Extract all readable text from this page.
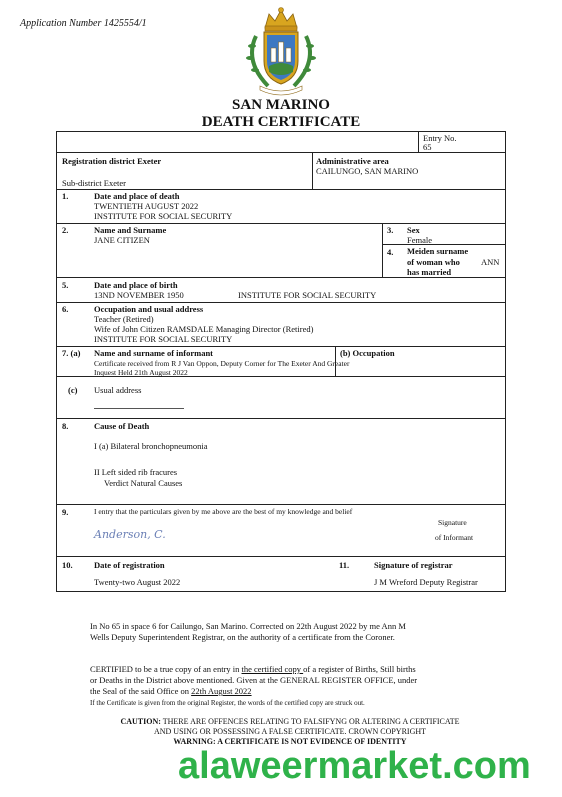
Application Number 1425554/1
SAN MARINO
DEATH CERTIFICATE
Entry No.
65
Registration district Exeter	Administrative area
CAILUNGO, SAN MARINO
Sub-district Exeter
1.	Date and place of death
TWENTIETH AUGUST 2022
INSTITUTE FOR SOCIAL SECURITY
2.	Name and Surname
JANE CITIZEN
3. Sex
Female
4. Meiden surname
of woman who
has married
ANN
5.	Date and place of birth
13ND NOVEMBER 1950	INSTITUTE FOR SOCIAL SECURITY
6.	Occupation and usual address
Teacher (Retired)
Wife of John Citizen RAMSDALE Managing Director (Retired)
INSTITUTE FOR SOCIAL SECURITY
7. (a) Name and surname of informant	(b) Occupation
Certificate received from R J Van Oppon, Deputy Corner for The Exeter And Greater
Inquest Held 21th August 2022
(c) Usual address
8.	Cause of Death
I (a) Bilateral bronchopneumonia
II Left sided rib fracures
Verdict Natural Causes
9.	I entry that the particulars given by me above are the best of my knowledge and belief
Signature
of Informant
Anderson, C.
10.	Date of registration
Twenty-two August 2022
11.	Signature of registrar
J M Wreford Deputy Registrar
In No 65 in space 6 for Cailungo, San Marino. Corrected on 22th August 2022 by me Ann M
Wells Deputy Superintendent Registrar, on the authority of a certificate from the Coroner.
CERTIFIED to be a true copy of an entry in the certified copy of a register of Births, Still births
or Deaths in the District above mentioned. Given at the GENERAL REGISTER OFFICE, under
the Seal of the said Office on 22th August 2022
If the Certificate is given from the original Register, the words of the certified copy are struck out.
CAUTION: THERE ARE OFFENCES RELATING TO FALSIFYNG OR ALTERING A CERTIFICATE
AND USING OR POSSESSING A FALSE CERTIFICATE. CROWN COPYRIGHT
WARNING: A CERTIFICATE IS NOT EVIDENCE OF IDENTITY
alaweermarket.com
